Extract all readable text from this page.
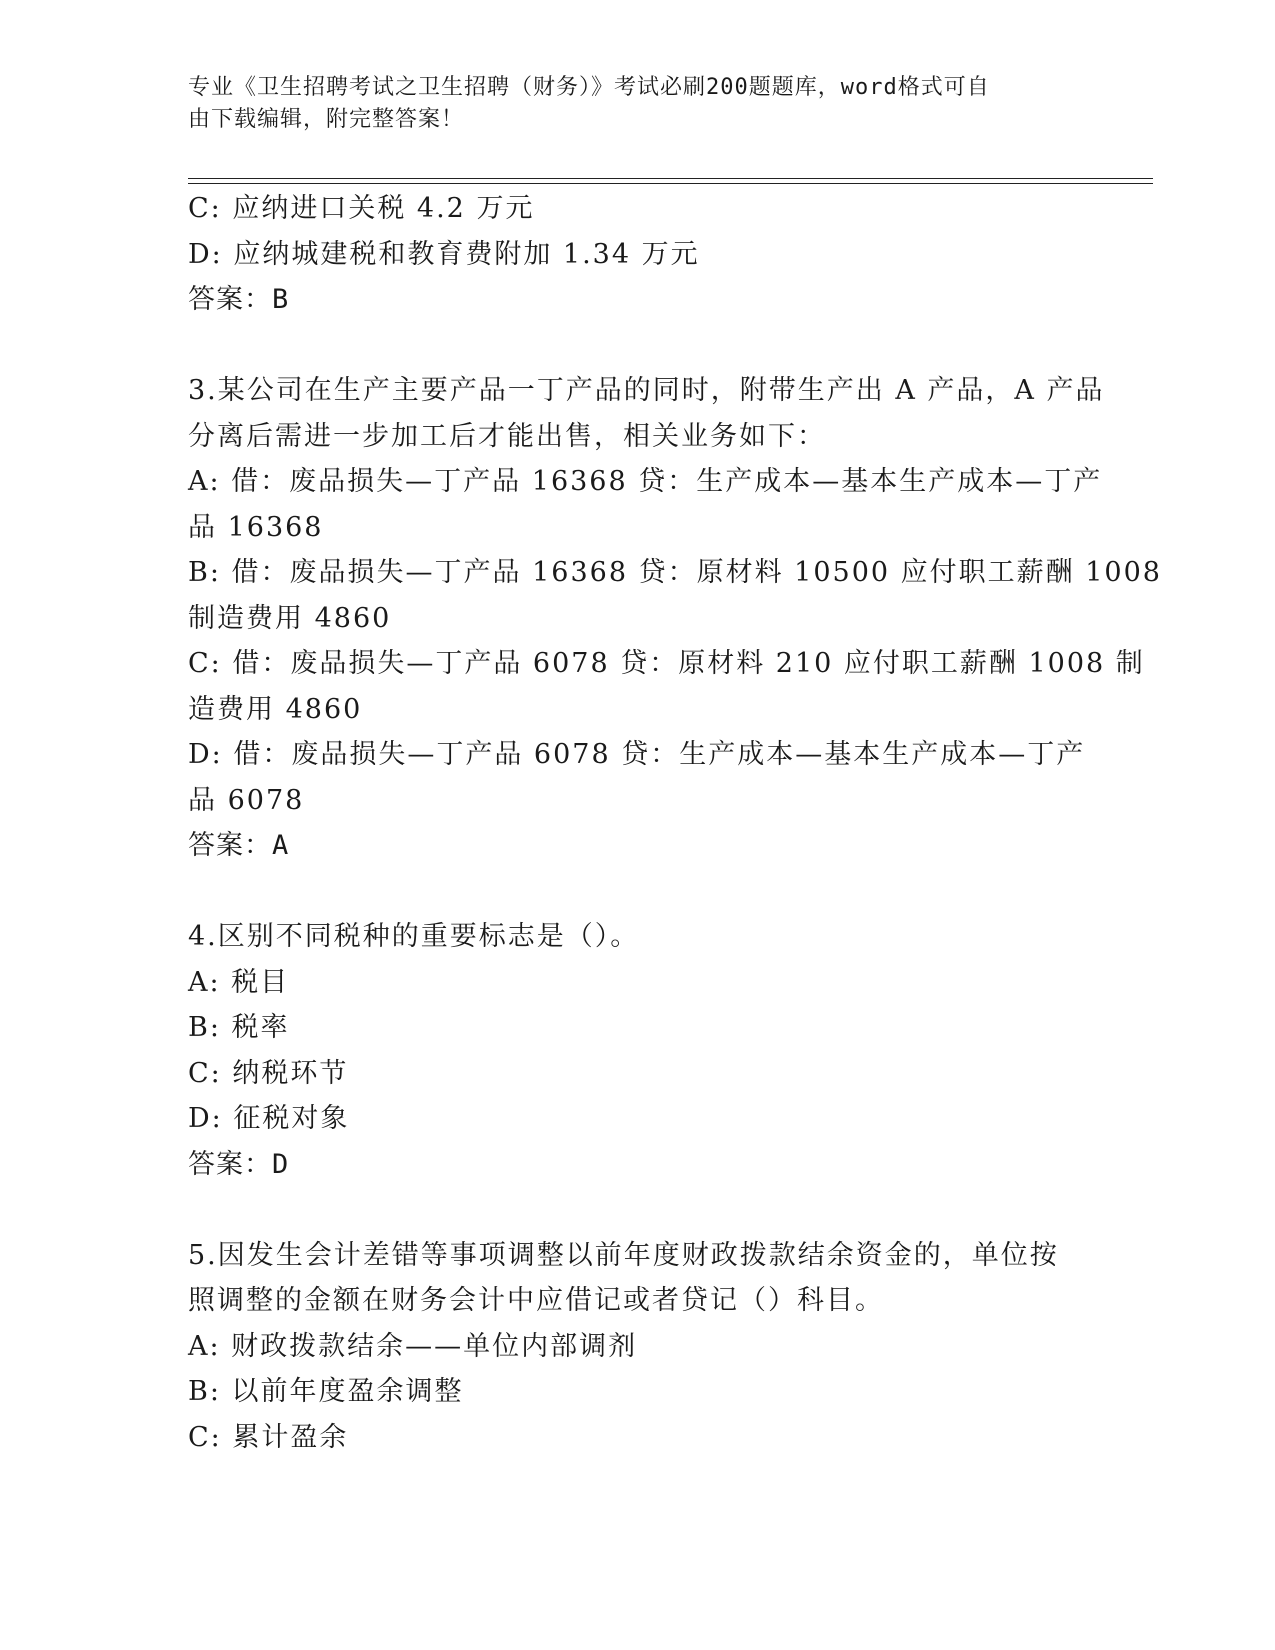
专业《卫生招聘考试之卫生招聘（财务）》考试必刷200题题库，word格式可自
由下载编辑，附完整答案！
C: 应纳进口关税 4.2 万元
D: 应纳城建税和教育费附加 1.34 万元
答案：B
3.某公司在生产主要产品一丁产品的同时，附带生产出 A 产品，A 产品
分离后需进一步加工后才能出售，相关业务如下：
A: 借：废品损失—丁产品 16368 贷：生产成本—基本生产成本—丁产
品 16368
B: 借：废品损失—丁产品 16368 贷：原材料 10500 应付职工薪酬 1008
制造费用 4860
C: 借：废品损失—丁产品 6078 贷：原材料 210 应付职工薪酬 1008 制
造费用 4860
D: 借：废品损失—丁产品 6078 贷：生产成本—基本生产成本—丁产
品 6078
答案：A
4.区别不同税种的重要标志是（）。
A: 税目
B: 税率
C: 纳税环节
D: 征税对象
答案：D
5.因发生会计差错等事项调整以前年度财政拨款结余资金的，单位按
照调整的金额在财务会计中应借记或者贷记（）科目。
A: 财政拨款结余——单位内部调剂
B: 以前年度盈余调整
C: 累计盈余
